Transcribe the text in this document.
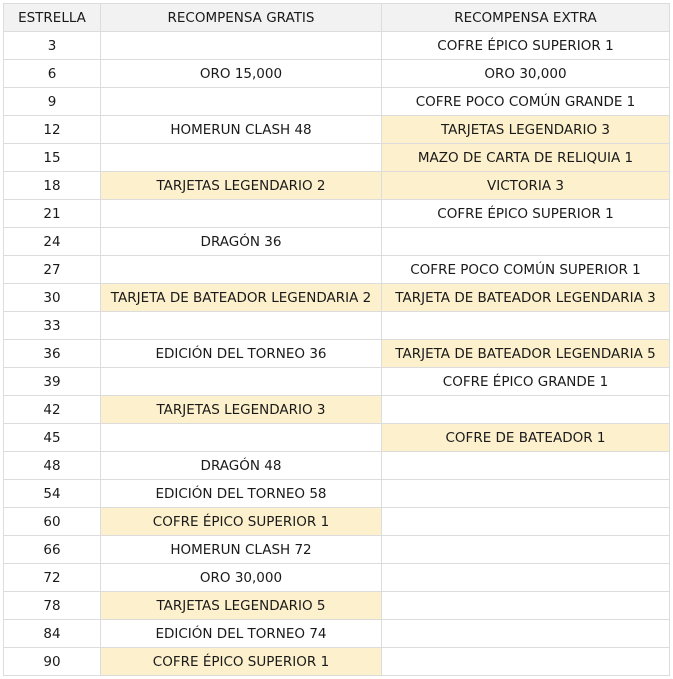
ESTRELLA	RECOMPENSA GRATIS	RECOMPENSA EXTRA
3		COFRE ÉPICO SUPERIOR 1
6	ORO 15,000	ORO 30,000
9		COFRE POCO COMÚN GRANDE 1
12	HOMERUN CLASH 48	TARJETAS LEGENDARIO 3
15		MAZO DE CARTA DE RELIQUIA 1
18	TARJETAS LEGENDARIO 2	VICTORIA 3
21		COFRE ÉPICO SUPERIOR 1
24	DRAGÓN 36	
27		COFRE POCO COMÚN SUPERIOR 1
30	TARJETA DE BATEADOR LEGENDARIA 2	TARJETA DE BATEADOR LEGENDARIA 3
33		
36	EDICIÓN DEL TORNEO 36	TARJETA DE BATEADOR LEGENDARIA 5
39		COFRE ÉPICO GRANDE 1
42	TARJETAS LEGENDARIO 3	
45		COFRE DE BATEADOR 1
48	DRAGÓN 48	
54	EDICIÓN DEL TORNEO 58	
60	COFRE ÉPICO SUPERIOR 1	
66	HOMERUN CLASH 72	
72	ORO 30,000	
78	TARJETAS LEGENDARIO 5	
84	EDICIÓN DEL TORNEO 74	
90	COFRE ÉPICO SUPERIOR 1	
